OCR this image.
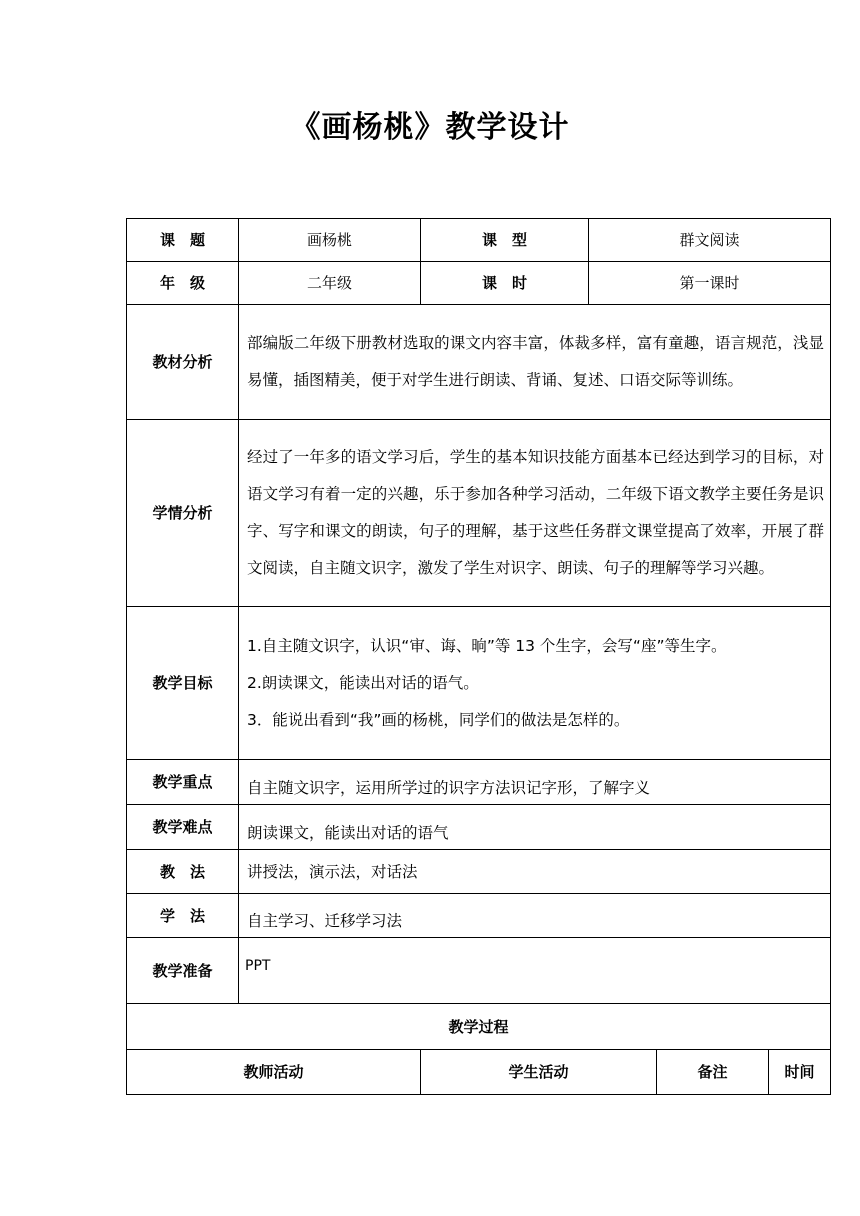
《画杨桃》教学设计
课　题	画杨桃	课　型	群文阅读		
年　级	二年级	课　时	第一课时		
教材分析	部编版二年级下册教材选取的课文内容丰富，体裁多样，富有童趣，语言规范，浅显易懂，插图精美，便于对学生进行朗读、背诵、复述、口语交际等训练。				
学情分析	经过了一年多的语文学习后，学生的基本知识技能方面基本已经达到学习的目标，对语文学习有着一定的兴趣，乐于参加各种学习活动，二年级下语文教学主要任务是识字、写字和课文的朗读，句子的理解，基于这些任务群文课堂提高了效率，开展了群文阅读，自主随文识字，激发了学生对识字、朗读、句子的理解等学习兴趣。				
教学目标	1.自主随文识字，认识“审、诲、晌”等 13 个生字，会写“座”等生字。

2.朗读课文，能读出对话的语气。

3．能说出看到“我”画的杨桃，同学们的做法是怎样的。				

教学重点	自主随文识字，运用所学过的识字方法识记字形，了解字义				
教学难点	朗读课文，能读出对话的语气				
教　法	讲授法，演示法，对话法				
学　法	自主学习、迁移学习法				
教学准备	PPT				
教学过程					
教师活动		学生活动		备注	时间
